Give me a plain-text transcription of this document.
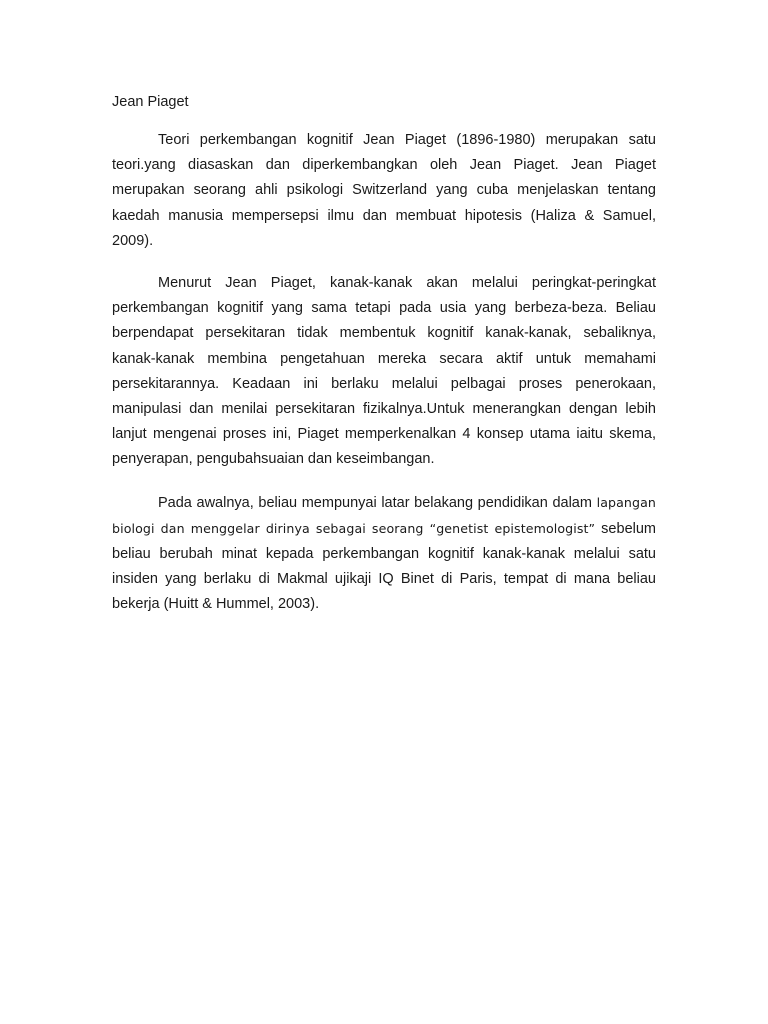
Jean Piaget

Teori perkembangan kognitif Jean Piaget (1896-1980) merupakan satu teori.yang diasaskan dan diperkembangkan oleh Jean Piaget. Jean Piaget merupakan seorang ahli psikologi Switzerland yang cuba menjelaskan tentang kaedah manusia mempersepsi ilmu dan membuat hipotesis (Haliza & Samuel, 2009).

Menurut Jean Piaget, kanak-kanak akan melalui peringkat-peringkat perkembangan kognitif yang sama tetapi pada usia yang berbeza-beza. Beliau berpendapat persekitaran tidak membentuk kognitif kanak-kanak, sebaliknya, kanak-kanak membina pengetahuan mereka secara aktif untuk memahami persekitarannya. Keadaan ini berlaku melalui pelbagai proses penerokaan, manipulasi dan menilai persekitaran fizikalnya.Untuk menerangkan dengan lebih lanjut mengenai proses ini, Piaget memperkenalkan 4 konsep utama iaitu skema, penyerapan, pengubahsuaian dan keseimbangan.

Pada awalnya, beliau mempunyai latar belakang pendidikan dalam lapangan biologi dan menggelar dirinya sebagai seorang “genetist epistemologist” sebelum beliau berubah minat kepada perkembangan kognitif kanak-kanak melalui satu insiden yang berlaku di Makmal ujikaji IQ Binet di Paris, tempat di mana beliau bekerja (Huitt & Hummel, 2003).
